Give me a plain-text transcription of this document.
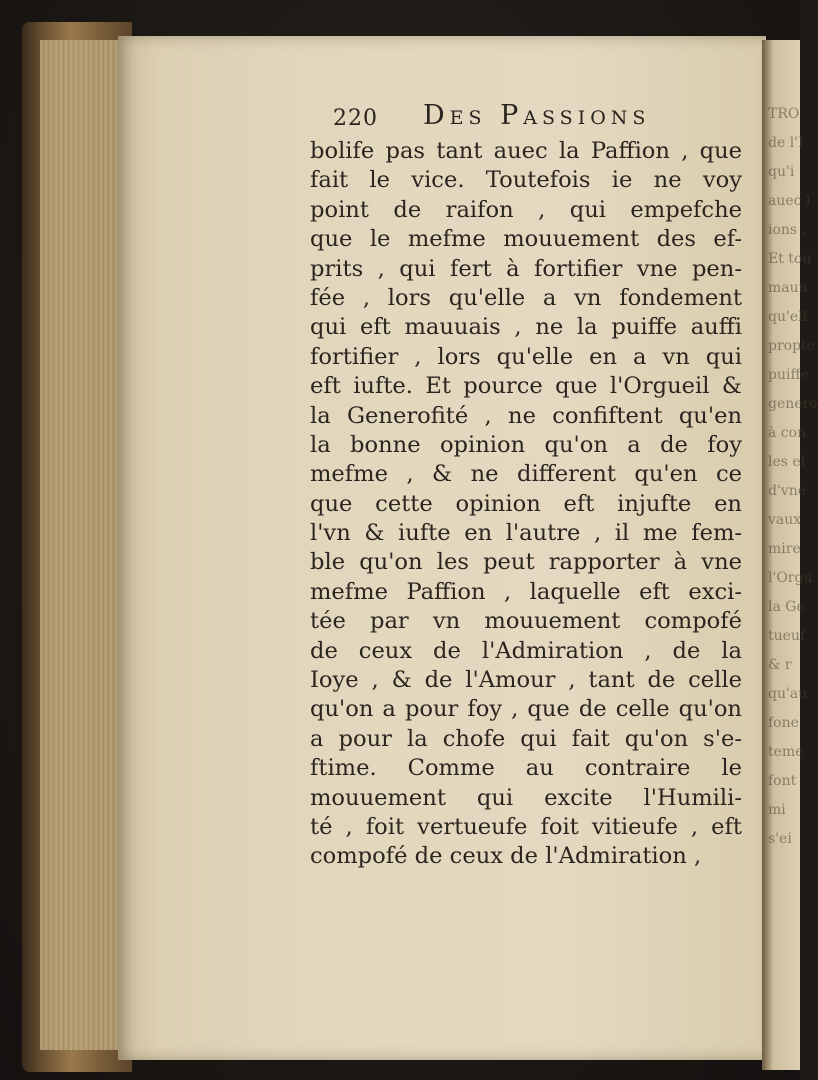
TRO
de l'I
qu'i
auec l
ions ,
Et tou
mauu
qu'eli
propte
puiffe
genero
à con
les el
d'vne
vaux
mire
l'Orgu
la Ge
tueuf
& r
qu'au
fone
teme
font
mi
s'ei
220 Des Passions
bolife pas tant auec la Paffion , que
fait le vice. Toutefois ie ne voy
point de raifon , qui empefche
que le mefme mouuement des ef-
prits , qui fert à fortifier vne pen-
fée , lors qu'elle a vn fondement
qui eft mauuais , ne la puiffe auffi
fortifier , lors qu'elle en a vn qui
eft iufte. Et pource que l'Orgueil &
la Generofité , ne confiftent qu'en
la bonne opinion qu'on a de foy
mefme , & ne different qu'en ce
que cette opinion eft injufte en
l'vn & iufte en l'autre , il me fem-
ble qu'on les peut rapporter à vne
mefme Paffion , laquelle eft exci-
tée par vn mouuement compofé
de ceux de l'Admiration , de la
Ioye , & de l'Amour , tant de celle
qu'on a pour foy , que de celle qu'on
a pour la chofe qui fait qu'on s'e-
ftime. Comme au contraire le
mouuement qui excite l'Humili-
té , foit vertueufe foit vitieufe , eft
compofé de ceux de l'Admiration ,
